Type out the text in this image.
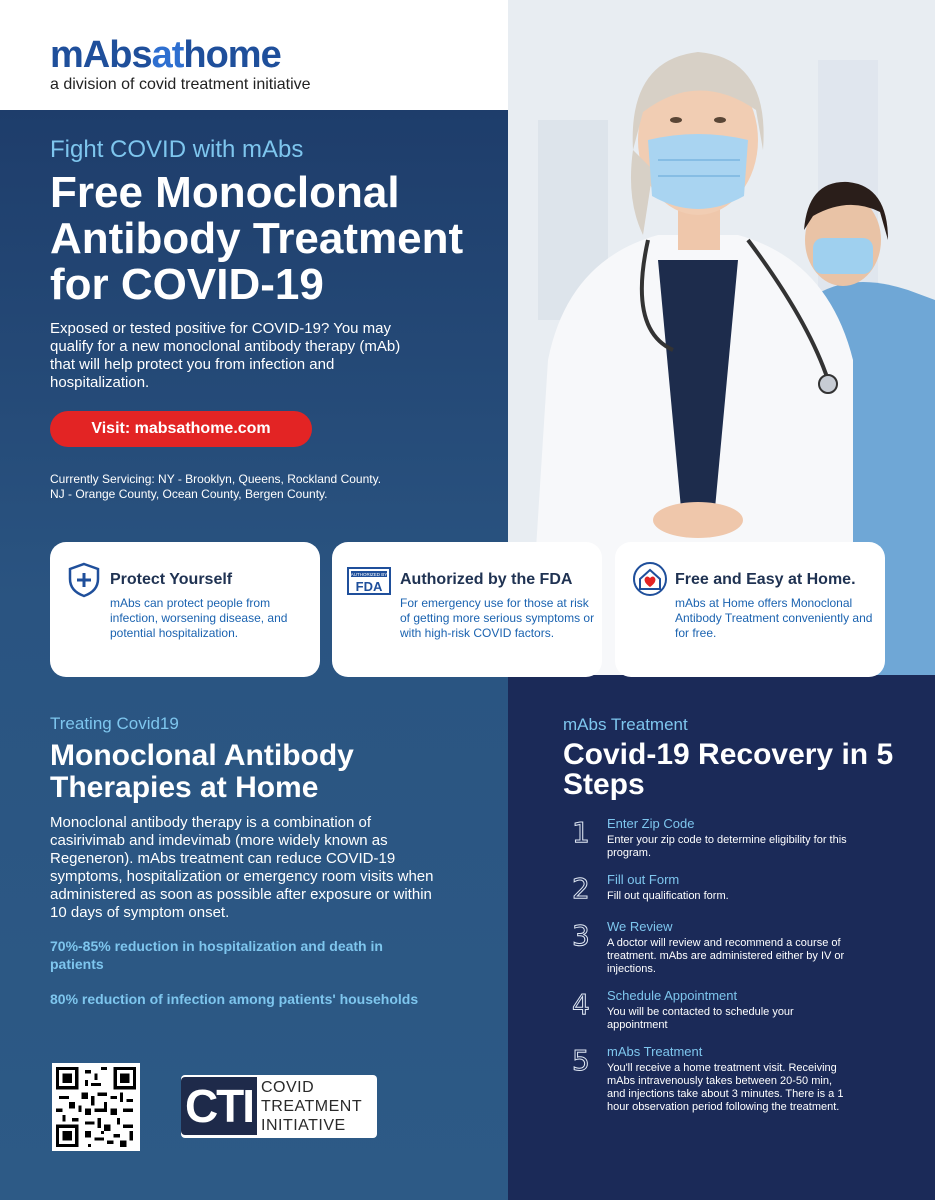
mAbsathome
a division of covid treatment initiative
Fight COVID with mAbs
Free Monoclonal Antibody Treatment for COVID-19
Exposed or tested positive for COVID-19? You may qualify for a new monoclonal antibody therapy (mAb) that will help protect you from infection and hospitalization.
Visit: mabsathome.com
Currently Servicing: NY - Brooklyn, Queens, Rockland County.
NJ - Orange County, Ocean County, Bergen County.
Protect Yourself
mAbs can protect people from infection, worsening disease, and potential hospitalization.
AUTHORIZED BY
FDA Authorized by the FDA
For emergency use for those at risk of getting more serious symptoms or with high-risk COVID factors.
Free and Easy at Home.
mAbs at Home offers Monoclonal Antibody Treatment conveniently and for free.
Treating Covid19
Monoclonal Antibody Therapies at Home
Monoclonal antibody therapy is a combination of casirivimab and imdevimab (more widely known as Regeneron). mAbs treatment can reduce COVID-19 symptoms, hospitalization or emergency room visits when administered as soon as possible after exposure or within 10 days of symptom onset.
70%-85% reduction in hospitalization and death in patients
80% reduction of infection among patients' households
CTI COVID
TREATMENT
INITIATIVE
mAbs Treatment
Covid-19 Recovery in 5 Steps
1 Enter Zip Code
Enter your zip code to determine eligibility for this program.
2 Fill out Form
Fill out qualification form.
3 We Review
A doctor will review and recommend a course of treatment. mAbs are administered either by IV or injections.
4 Schedule Appointment
You will be contacted to schedule your appointment
5 mAbs Treatment
You'll receive a home treatment visit. Receiving mAbs intravenously takes between 20-50 min, and injections take about 3 minutes. There is a 1 hour observation period following the treatment.
